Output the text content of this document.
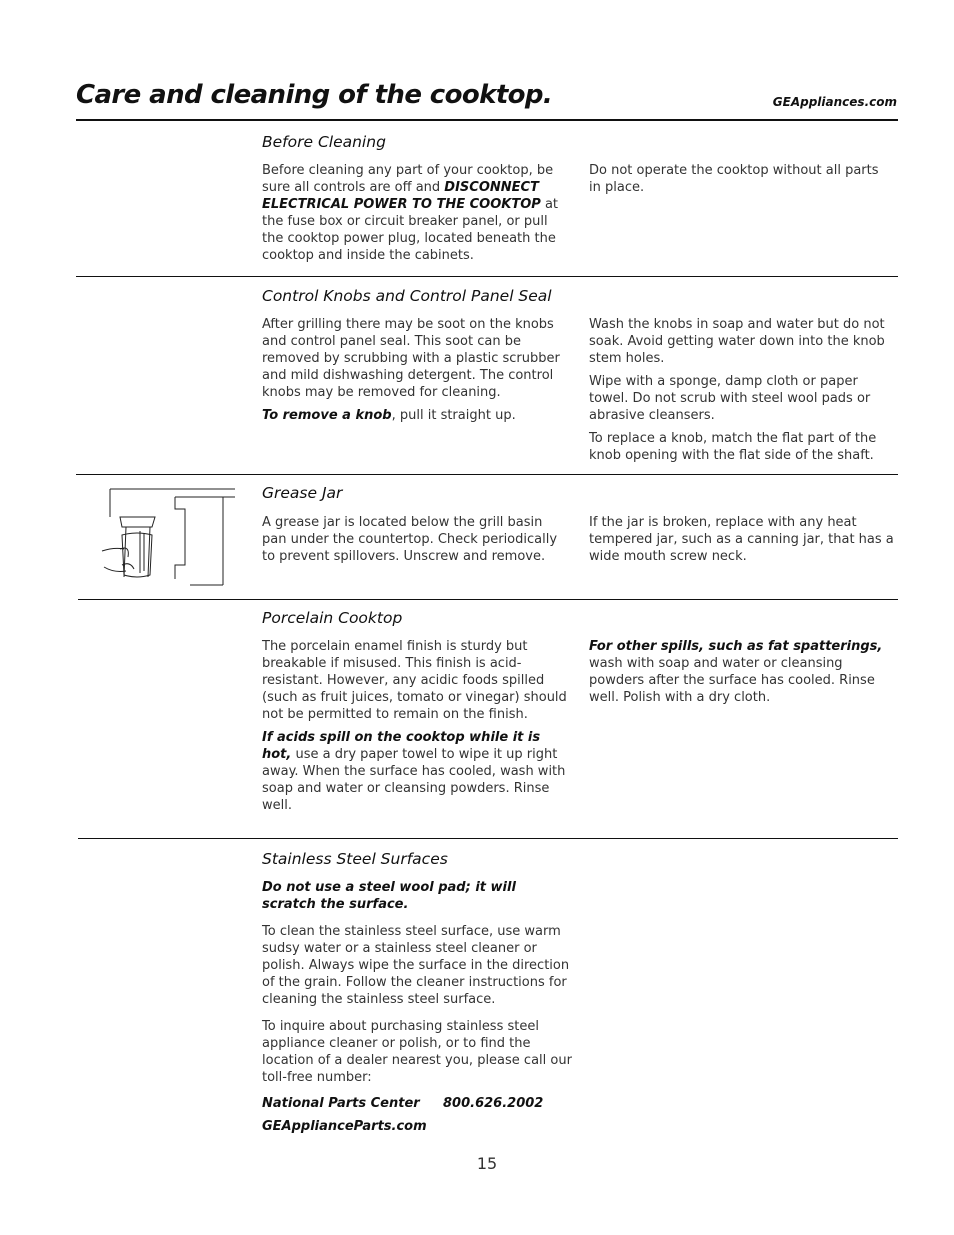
Care and cleaning of the cooktop.	GEAppliances.com
Before Cleaning

Before cleaning any part of your cooktop, be sure all controls are off and DISCONNECT ELECTRICAL POWER TO THE COOKTOP at the fuse box or circuit breaker panel, or pull the cooktop power plug, located beneath the cooktop and inside the cabinets.

Do not operate the cooktop without all parts in place.

Control Knobs and Control Panel Seal

After grilling there may be soot on the knobs and control panel seal. This soot can be removed by scrubbing with a plastic scrubber and mild dishwashing detergent. The control knobs may be removed for cleaning.

To remove a knob, pull it straight up.

Wash the knobs in soap and water but do not soak. Avoid getting water down into the knob stem holes.

Wipe with a sponge, damp cloth or paper towel. Do not scrub with steel wool pads or abrasive cleansers.

To replace a knob, match the flat part of the knob opening with the flat side of the shaft.

Grease Jar

A grease jar is located below the grill basin pan under the countertop. Check periodically to prevent spillovers. Unscrew and remove.

If the jar is broken, replace with any heat tempered jar, such as a canning jar, that has a wide mouth screw neck.

Porcelain Cooktop

The porcelain enamel finish is sturdy but breakable if misused. This finish is acid-resistant. However, any acidic foods spilled (such as fruit juices, tomato or vinegar) should not be permitted to remain on the finish.

If acids spill on the cooktop while it is hot, use a dry paper towel to wipe it up right away. When the surface has cooled, wash with soap and water or cleansing powders. Rinse well.

For other spills, such as fat spatterings, wash with soap and water or cleansing powders after the surface has cooled. Rinse well. Polish with a dry cloth.

Stainless Steel Surfaces

Do not use a steel wool pad; it will scratch the surface.

To clean the stainless steel surface, use warm sudsy water or a stainless steel cleaner or polish. Always wipe the surface in the direction of the grain. Follow the cleaner instructions for cleaning the stainless steel surface.

To inquire about purchasing stainless steel appliance cleaner or polish, or to find the location of a dealer nearest you, please call our toll-free number:

National Parts Center 800.626.2002
GEApplianceParts.com
15
